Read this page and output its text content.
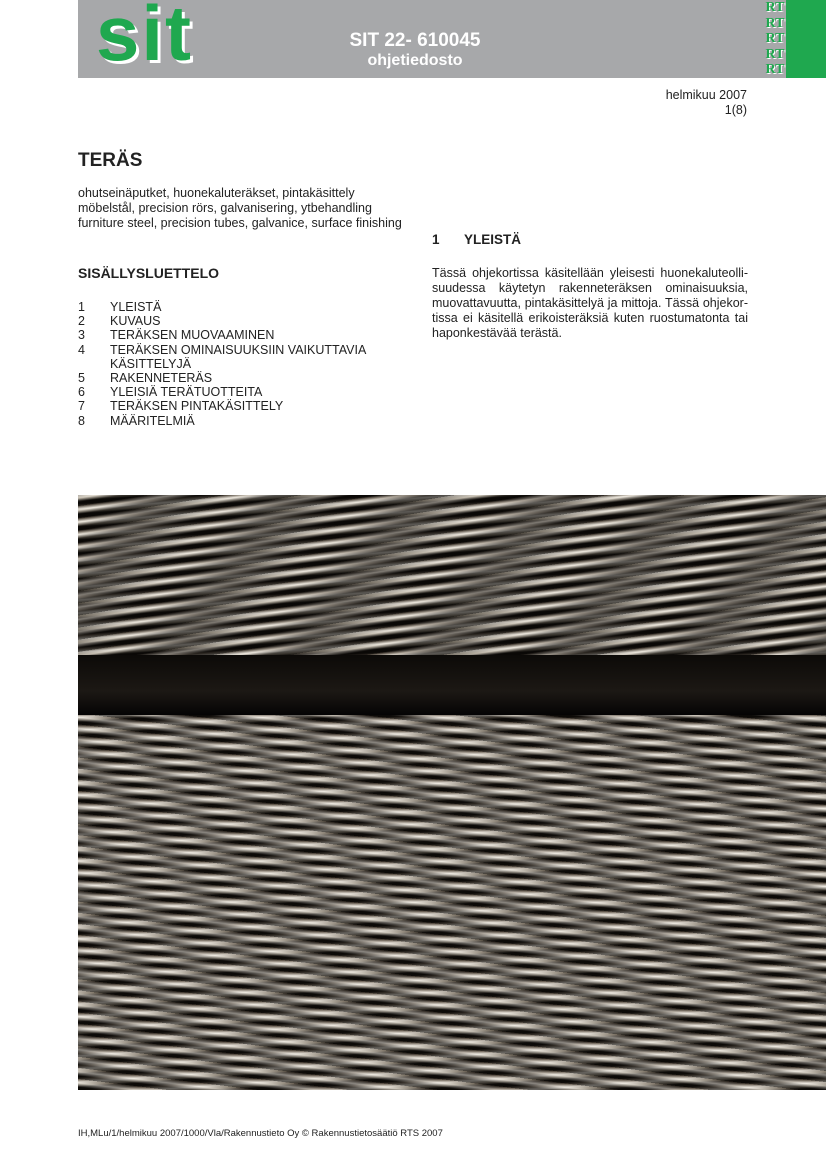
sit	SIT 22- 610045
ohjetiedosto
RT
RT
RT
RT
RT
helmikuu 2007
1(8)
TERÄS
ohutseinäputket, huonekaluteräkset, pintakäsittely
möbelstål, precision rörs, galvanisering, ytbehandling
furniture steel, precision tubes, galvanice, surface finishing
SISÄLLYSLUETTELO
1	YLEISTÄ
2	KUVAUS
3	TERÄKSEN MUOVAAMINEN
4	TERÄKSEN OMINAISUUKSIIN VAIKUTTAVIA
KÄSITTELYJÄ
5	RAKENNETERÄS
6	YLEISIÄ TERÄTUOTTEITA
7	TERÄKSEN PINTAKÄSITTELY
8	MÄÄRITELMIÄ
1 YLEISTÄ
Tässä ohjekortissa käsitellään yleisesti huonekaluteolli-
suudessa käytetyn rakenneteräksen ominaisuuksia,
muovattavuutta, pintakäsittelyä ja mittoja. Tässä ohjekor-
tissa ei käsitellä erikoisteräksiä kuten ruostumatonta tai
haponkestävää terästä.
IH,MLu/1/helmikuu 2007/1000/Vla/Rakennustieto Oy © Rakennustietosäätiö RTS 2007
